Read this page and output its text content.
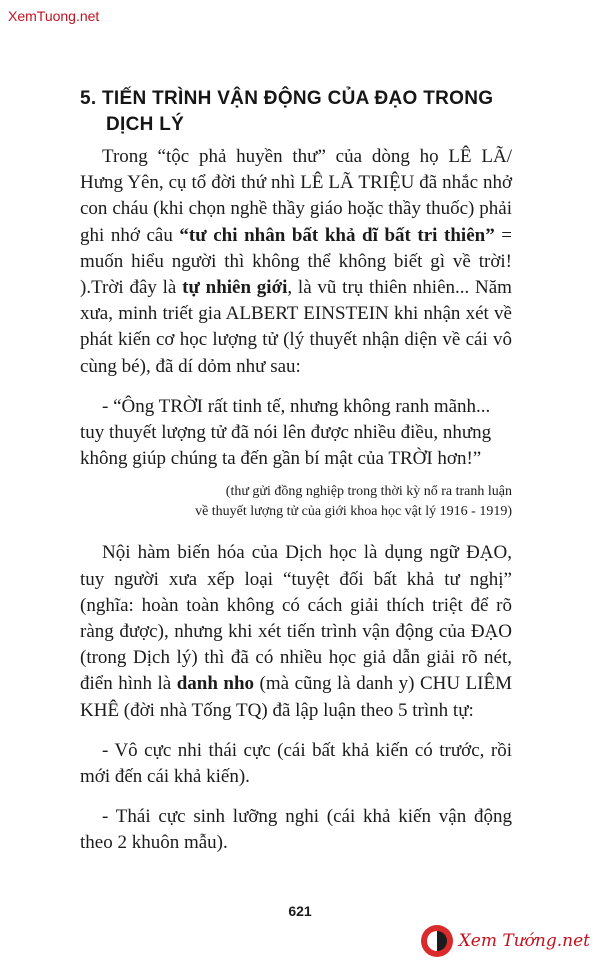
XemTuong.net
5. TIẾN TRÌNH VẬN ĐỘNG CỦA ĐẠO TRONG
DỊCH LÝ

Trong “tộc phả huyền thư” của dòng họ LÊ LÃ/ Hưng Yên, cụ tổ đời thứ nhì LÊ LÃ TRIỆU đã nhắc nhở con cháu (khi chọn nghề thầy giáo hoặc thầy thuốc) phải ghi nhớ câu “tư chi nhân bất khả dĩ bất tri thiên” = muốn hiểu người thì không thể không biết gì về trời! ).Trời đây là tự nhiên giới, là vũ trụ thiên nhiên... Năm xưa, minh triết gia ALBERT EINSTEIN khi nhận xét về phát kiến cơ học lượng tử (lý thuyết nhận diện về cái vô cùng bé), đã dí dỏm như sau:

- “Ông TRỜI rất tinh tế, nhưng không ranh mãnh... tuy thuyết lượng tử đã nói lên được nhiều điều, nhưng không giúp chúng ta đến gần bí mật của TRỜI hơn!”

(thư gửi đồng nghiệp trong thời kỳ nổ ra tranh luận
về thuyết lượng tử của giới khoa học vật lý 1916 - 1919)

Nội hàm biến hóa của Dịch học là dụng ngữ ĐẠO, tuy người xưa xếp loại “tuyệt đối bất khả tư nghị” (nghĩa: hoàn toàn không có cách giải thích triệt để rõ ràng được), nhưng khi xét tiến trình vận động của ĐẠO (trong Dịch lý) thì đã có nhiều học giả dẫn giải rõ nét, điển hình là danh nho (mà cũng là danh y) CHU LIÊM KHÊ (đời nhà Tống TQ) đã lập luận theo 5 trình tự:

- Vô cực nhi thái cực (cái bất khả kiến có trước, rồi mới đến cái khả kiến).

- Thái cực sinh lưỡng nghi (cái khả kiến vận động theo 2 khuôn mẫu).

621
Xem Tướng.net
